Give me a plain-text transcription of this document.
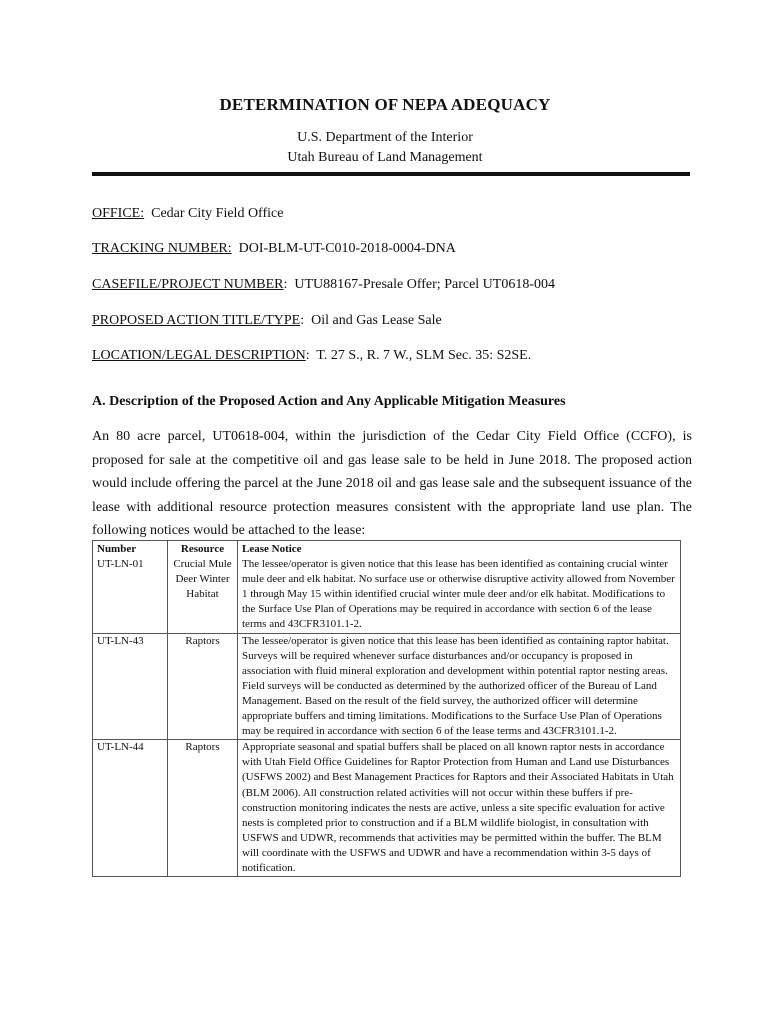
DETERMINATION OF NEPA ADEQUACY
U.S. Department of the Interior
Utah Bureau of Land Management
OFFICE:  Cedar City Field Office
TRACKING NUMBER:  DOI-BLM-UT-C010-2018-0004-DNA
CASEFILE/PROJECT NUMBER:  UTU88167-Presale Offer; Parcel UT0618-004
PROPOSED ACTION TITLE/TYPE:  Oil and Gas Lease Sale
LOCATION/LEGAL DESCRIPTION:  T. 27 S., R. 7 W., SLM Sec. 35: S2SE.
A. Description of the Proposed Action and Any Applicable Mitigation Measures
An 80 acre parcel, UT0618-004, within the jurisdiction of the Cedar City Field Office (CCFO), is proposed for sale at the competitive oil and gas lease sale to be held in June 2018. The proposed action would include offering the parcel at the June 2018 oil and gas lease sale and the subsequent issuance of the lease with additional resource protection measures consistent with the appropriate land use plan. The following notices would be attached to the lease:
Number	Resource	Lease Notice
UT-LN-01	Crucial Mule Deer Winter Habitat	The lessee/operator is given notice that this lease has been identified as containing crucial winter mule deer and elk habitat. No surface use or otherwise disruptive activity allowed from November 1 through May 15 within identified crucial winter mule deer and/or elk habitat. Modifications to the Surface Use Plan of Operations may be required in accordance with section 6 of the lease terms and 43CFR3101.1-2.
UT-LN-43	Raptors	The lessee/operator is given notice that this lease has been identified as containing raptor habitat. Surveys will be required whenever surface disturbances and/or occupancy is proposed in association with fluid mineral exploration and development within potential raptor nesting areas. Field surveys will be conducted as determined by the authorized officer of the Bureau of Land Management. Based on the result of the field survey, the authorized officer will determine appropriate buffers and timing limitations. Modifications to the Surface Use Plan of Operations may be required in accordance with section 6 of the lease terms and 43CFR3101.1-2.
UT-LN-44	Raptors	Appropriate seasonal and spatial buffers shall be placed on all known raptor nests in accordance with Utah Field Office Guidelines for Raptor Protection from Human and Land use Disturbances (USFWS 2002) and Best Management Practices for Raptors and their Associated Habitats in Utah (BLM 2006). All construction related activities will not occur within these buffers if pre-construction monitoring indicates the nests are active, unless a site specific evaluation for active nests is completed prior to construction and if a BLM wildlife biologist, in consultation with USFWS and UDWR, recommends that activities may be permitted within the buffer. The BLM will coordinate with the USFWS and UDWR and have a recommendation within 3-5 days of notification.
